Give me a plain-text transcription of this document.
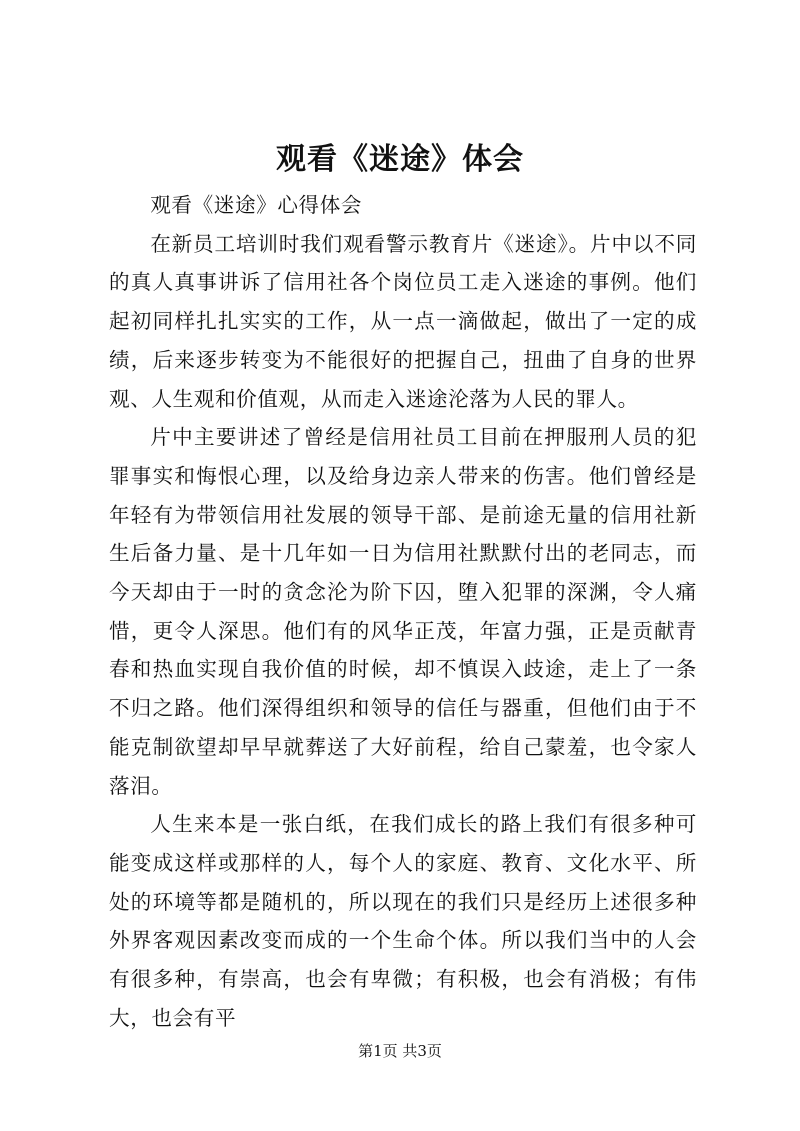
观看《迷途》体会

观看《迷途》心得体会

在新员工培训时我们观看警示教育片《迷途》。片中以不同的真人真事讲诉了信用社各个岗位员工走入迷途的事例。他们起初同样扎扎实实的工作，从一点一滴做起，做出了一定的成绩，后来逐步转变为不能很好的把握自己，扭曲了自身的世界观、人生观和价值观，从而走入迷途沦落为人民的罪人。

片中主要讲述了曾经是信用社员工目前在押服刑人员的犯罪事实和悔恨心理，以及给身边亲人带来的伤害。他们曾经是年轻有为带领信用社发展的领导干部、是前途无量的信用社新生后备力量、是十几年如一日为信用社默默付出的老同志，而今天却由于一时的贪念沦为阶下囚，堕入犯罪的深渊，令人痛惜，更令人深思。他们有的风华正茂，年富力强，正是贡献青春和热血实现自我价值的时候，却不慎误入歧途，走上了一条不归之路。他们深得组织和领导的信任与器重，但他们由于不能克制欲望却早早就葬送了大好前程，给自己蒙羞，也令家人落泪。

人生来本是一张白纸，在我们成长的路上我们有很多种可能变成这样或那样的人，每个人的家庭、教育、文化水平、所处的环境等都是随机的，所以现在的我们只是经历上述很多种外界客观因素改变而成的一个生命个体。所以我们当中的人会有很多种，有崇高，也会有卑微；有积极，也会有消极；有伟大，也会有平

第1页 共3页
